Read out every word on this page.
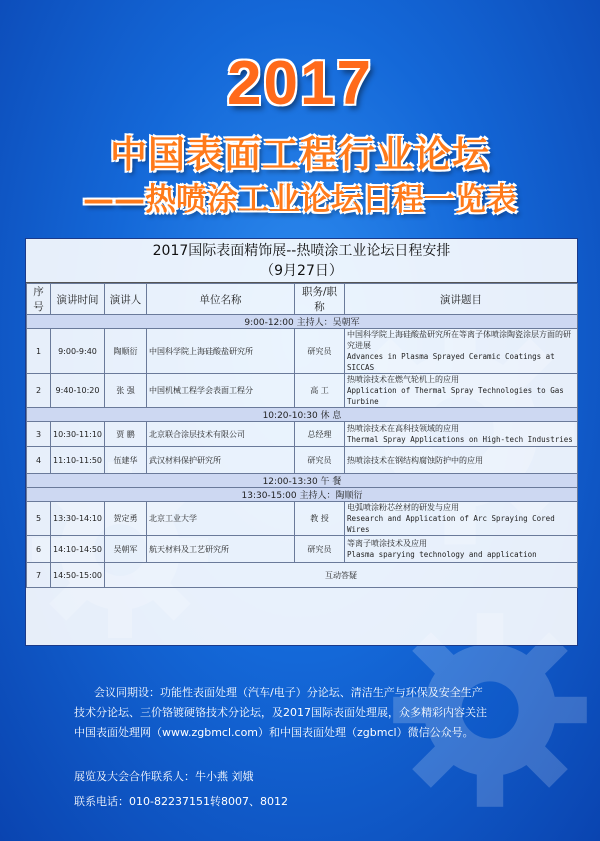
2017
中国表面工程行业论坛
——热喷涂工业论坛日程一览表
2017国际表面精饰展--热喷涂工业论坛日程安排
（9月27日）
序号	演讲时间	演讲人	单位名称	职务/职称	演讲题目
9:00-12:00 主持人：吴朝军					
1	9:00-9:40	陶顺衍	中国科学院上海硅酸盐研究所	研究员	中国科学院上海硅酸盐研究所在等离子体喷涂陶瓷涂层方面的研究进展
Advances in Plasma Sprayed Ceramic Coatings at SICCAS

2	9:40-10:20	张 强	中国机械工程学会表面工程分	高 工	热喷涂技术在燃气轮机上的应用
Application of Thermal Spray Technologies to Gas Turbine

10:20-10:30 休 息					
3	10:30-11:10	贾 鹏	北京联合涂层技术有限公司	总经理	热喷涂技术在高科技领域的应用
Thermal Spray Applications on High-tech Industries

4	11:10-11:50	伍建华	武汉材料保护研究所	研究员	热喷涂技术在钢结构腐蚀防护中的应用

12:00-13:30 午 餐					
13:30-15:00 主持人：陶顺衍					
5	13:30-14:10	贺定勇	北京工业大学	教 授	电弧喷涂粉芯丝材的研发与应用
Research and Application of Arc Spraying Cored Wires

6	14:10-14:50	吴朝军	航天材料及工艺研究所	研究员	等离子喷涂技术及应用
Plasma sparying technology and application

7	14:50-15:00	互动答疑			

会议同期设：功能性表面处理（汽车/电子）分论坛、清洁生产与环保及安全生产

技术分论坛、三价铬镀硬铬技术分论坛，及2017国际表面处理展，众多精彩内容关注

中国表面处理网（www.zgbmcl.com）和中国表面处理（zgbmcl）微信公众号。

展览及大会合作联系人：牛小燕 刘娥

联系电话：010-82237151转8007、8012
